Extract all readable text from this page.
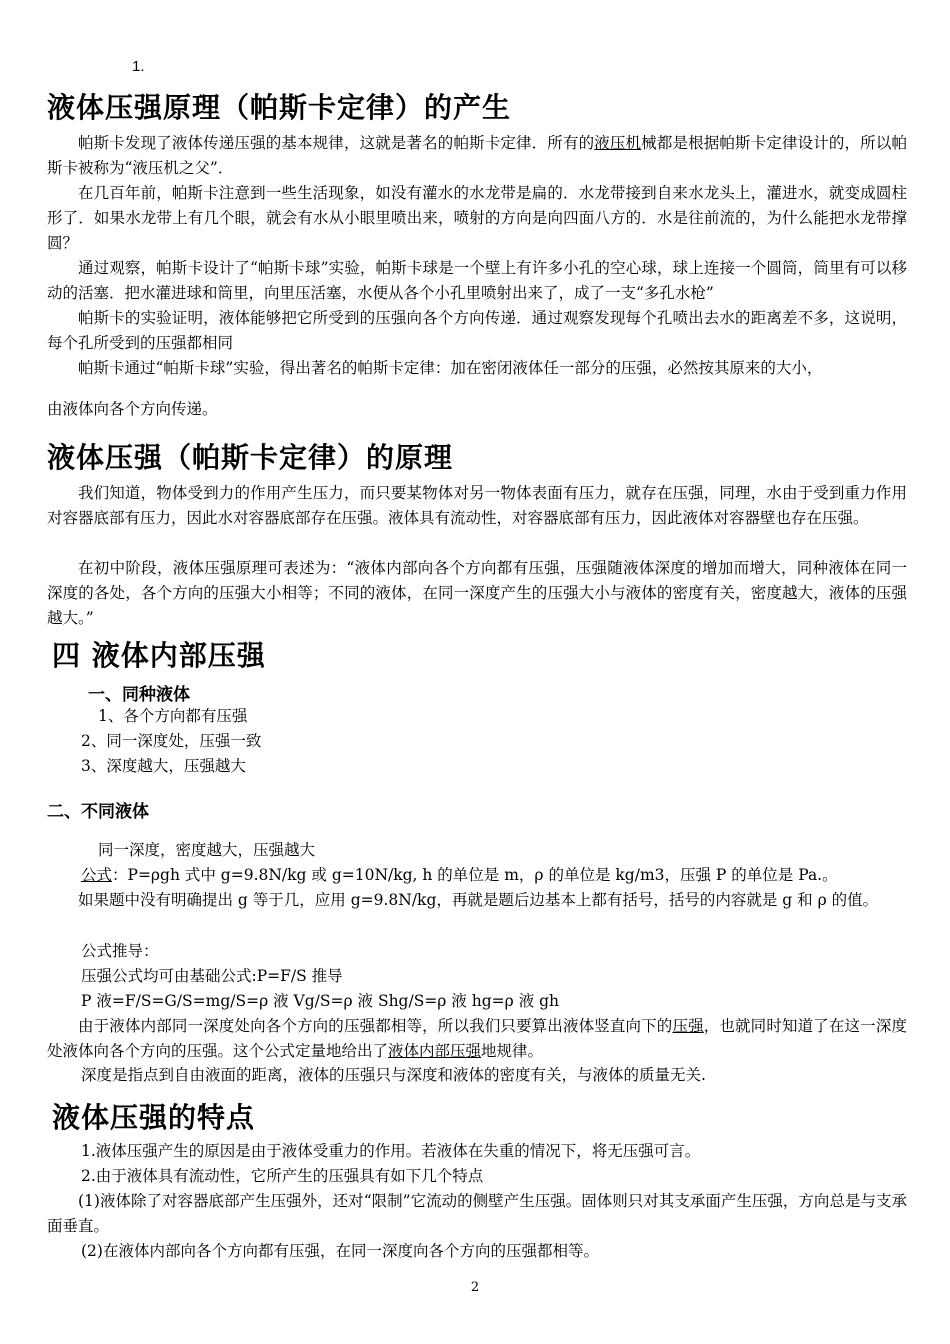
1.
液体压强原理（帕斯卡定律）的产生
帕斯卡发现了液体传递压强的基本规律，这就是著名的帕斯卡定律．所有的液压机械都是根据帕斯卡定律设计的，所以帕斯卡被称为“液压机之父”．
在几百年前，帕斯卡注意到一些生活现象，如没有灌水的水龙带是扁的．水龙带接到自来水龙头上，灌进水，就变成圆柱形了．如果水龙带上有几个眼，就会有水从小眼里喷出来，喷射的方向是向四面八方的．水是往前流的，为什么能把水龙带撑圆？
通过观察，帕斯卡设计了“帕斯卡球”实验，帕斯卡球是一个壁上有许多小孔的空心球，球上连接一个圆筒，筒里有可以移动的活塞．把水灌进球和筒里，向里压活塞，水便从各个小孔里喷射出来了，成了一支“多孔水枪”
帕斯卡的实验证明，液体能够把它所受到的压强向各个方向传递．通过观察发现每个孔喷出去水的距离差不多，这说明，每个孔所受到的压强都相同
帕斯卡通过“帕斯卡球”实验，得出著名的帕斯卡定律：加在密闭液体任一部分的压强，必然按其原来的大小，
由液体向各个方向传递。
液体压强（帕斯卡定律）的原理
我们知道，物体受到力的作用产生压力，而只要某物体对另一物体表面有压力，就存在压强，同理，水由于受到重力作用对容器底部有压力，因此水对容器底部存在压强。液体具有流动性，对容器底部有压力，因此液体对容器壁也存在压强。
在初中阶段，液体压强原理可表述为：“液体内部向各个方向都有压强，压强随液体深度的增加而增大，同种液体在同一深度的各处，各个方向的压强大小相等；不同的液体，在同一深度产生的压强大小与液体的密度有关，密度越大，液体的压强越大。”
四 液体内部压强
一、同种液体
1、各个方向都有压强
2、同一深度处，压强一致
3、深度越大，压强越大
二、不同液体
同一深度，密度越大，压强越大
公式：P=ρgh 式中 g=9.8N/kg 或 g=10N/kg, h 的单位是 m，ρ 的单位是 kg/m3，压强 P 的单位是 Pa.。
如果题中没有明确提出 g 等于几，应用 g=9.8N/kg，再就是题后边基本上都有括号，括号的内容就是 g 和 ρ 的值。
公式推导：
压强公式均可由基础公式:P=F/S 推导
P 液=F/S=G/S=mg/S=ρ 液 Vg/S=ρ 液 Shg/S=ρ 液 hg=ρ 液 gh
由于液体内部同一深度处向各个方向的压强都相等，所以我们只要算出液体竖直向下的压强，也就同时知道了在这一深度处液体向各个方向的压强。这个公式定量地给出了液体内部压强地规律。
深度是指点到自由液面的距离，液体的压强只与深度和液体的密度有关，与液体的质量无关.
液体压强的特点
1.液体压强产生的原因是由于液体受重力的作用。若液体在失重的情况下，将无压强可言。
2.由于液体具有流动性，它所产生的压强具有如下几个特点
(1)液体除了对容器底部产生压强外，还对“限制”它流动的侧壁产生压强。固体则只对其支承面产生压强，方向总是与支承面垂直。
(2)在液体内部向各个方向都有压强，在同一深度向各个方向的压强都相等。
2
